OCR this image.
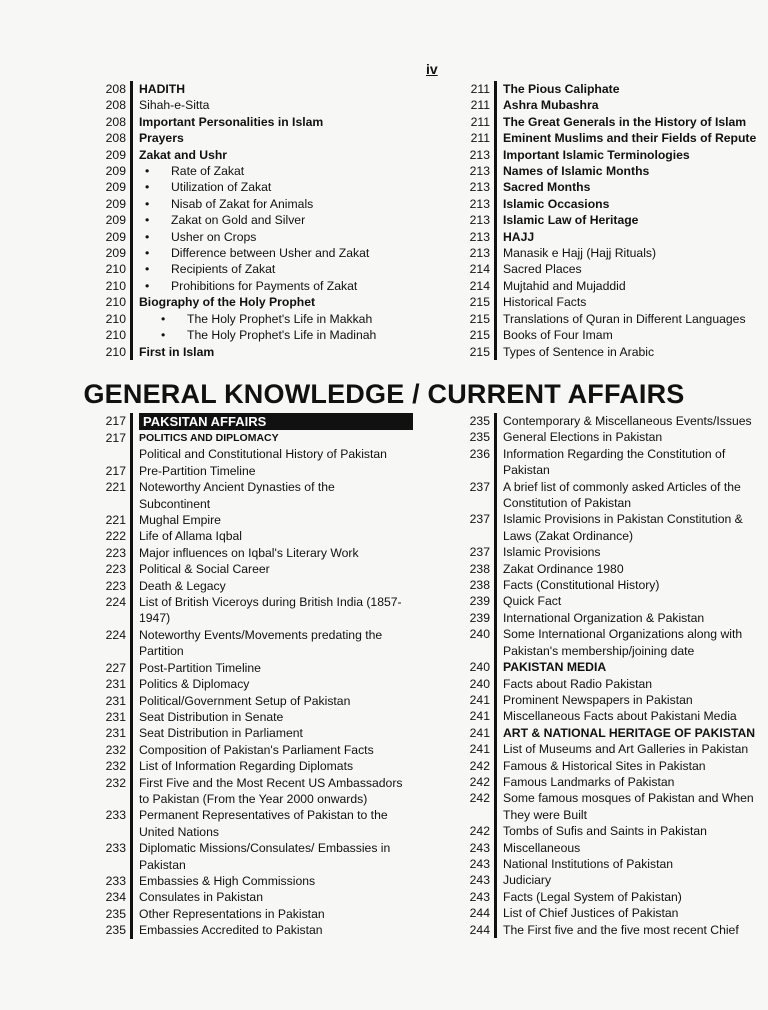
iv
208 HADITH
208 Sihah-e-Sitta
208 Important Personalities in Islam
208 Prayers
209 Zakat and Ushr
209	• Rate of Zakat
209	• Utilization of Zakat
209	• Nisab of Zakat for Animals
209	• Zakat on Gold and Silver
209	• Usher on Crops
209	• Difference between Usher and Zakat
210	• Recipients of Zakat
210	• Prohibitions for Payments of Zakat
210 Biography of the Holy Prophet
210	• The Holy Prophet's Life in Makkah
210	• The Holy Prophet's Life in Madinah
210 First in Islam
211 The Pious Caliphate
211 Ashra Mubashra
211 The Great Generals in the History of Islam
211 Eminent Muslims and their Fields of Repute
213 Important Islamic Terminologies
213 Names of Islamic Months
213 Sacred Months
213 Islamic Occasions
213 Islamic Law of Heritage
213 HAJJ
213 Manasik e Hajj (Hajj Rituals)
214 Sacred Places
214 Mujtahid and Mujaddid
215 Historical Facts
215 Translations of Quran in Different Languages
215 Books of Four Imam
215 Types of Sentence in Arabic
GENERAL KNOWLEDGE / CURRENT AFFAIRS
217	PAKSITAN AFFAIRS
217 POLITICS AND DIPLOMACY
Political and Constitutional History of Pakistan
217 Pre-Partition Timeline
221 Noteworthy Ancient Dynasties of the
Subcontinent
221 Mughal Empire
222 Life of Allama Iqbal
223 Major influences on Iqbal's Literary Work
223 Political & Social Career
223 Death & Legacy
224 List of British Viceroys during British India (1857-
1947)
224 Noteworthy Events/Movements predating the
Partition
227 Post-Partition Timeline
231 Politics & Diplomacy
231 Political/Government Setup of Pakistan
231 Seat Distribution in Senate
231 Seat Distribution in Parliament
232 Composition of Pakistan's Parliament Facts
232 List of Information Regarding Diplomats
232 First Five and the Most Recent US Ambassadors
to Pakistan (From the Year 2000 onwards)
233 Permanent Representatives of Pakistan to the
United Nations
233 Diplomatic Missions/Consulates/ Embassies in
Pakistan
233 Embassies & High Commissions
234 Consulates in Pakistan
235 Other Representations in Pakistan
235 Embassies Accredited to Pakistan
235 Contemporary & Miscellaneous Events/Issues
235 General Elections in Pakistan
236 Information Regarding the Constitution of
Pakistan
237 A brief list of commonly asked Articles of the
Constitution of Pakistan
237 Islamic Provisions in Pakistan Constitution &
Laws (Zakat Ordinance)
237 Islamic Provisions
238 Zakat Ordinance 1980
238 Facts (Constitutional History)
239 Quick Fact
239 International Organization & Pakistan
240 Some International Organizations along with
Pakistan's membership/joining date
240 PAKISTAN MEDIA
240 Facts about Radio Pakistan
241 Prominent Newspapers in Pakistan
241 Miscellaneous Facts about Pakistani Media
241 ART & NATIONAL HERITAGE OF PAKISTAN
241 List of Museums and Art Galleries in Pakistan
242 Famous & Historical Sites in Pakistan
242 Famous Landmarks of Pakistan
242 Some famous mosques of Pakistan and When
They were Built
242 Tombs of Sufis and Saints in Pakistan
243 Miscellaneous
243 National Institutions of Pakistan
243 Judiciary
243 Facts (Legal System of Pakistan)
244 List of Chief Justices of Pakistan
244 The First five and the five most recent Chief
